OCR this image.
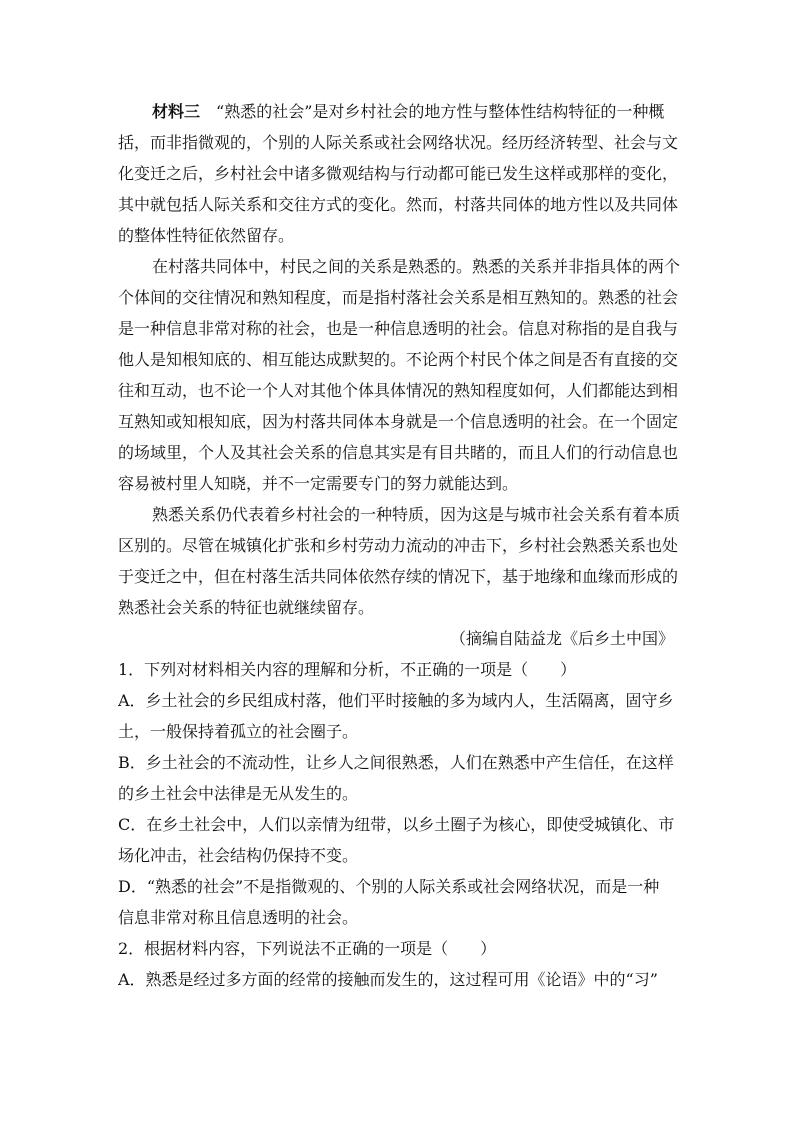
材料三 “熟悉的社会”是对乡村社会的地方性与整体性结构特征的一种概
括，而非指微观的，个别的人际关系或社会网络状况。经历经济转型、社会与文
化变迁之后，乡村社会中诸多微观结构与行动都可能已发生这样或那样的变化，
其中就包括人际关系和交往方式的变化。然而，村落共同体的地方性以及共同体
的整体性特征依然留存。
在村落共同体中，村民之间的关系是熟悉的。熟悉的关系并非指具体的两个
个体间的交往情况和熟知程度，而是指村落社会关系是相互熟知的。熟悉的社会
是一种信息非常对称的社会，也是一种信息透明的社会。信息对称指的是自我与
他人是知根知底的、相互能达成默契的。不论两个村民个体之间是否有直接的交
往和互动，也不论一个人对其他个体具体情况的熟知程度如何，人们都能达到相
互熟知或知根知底，因为村落共同体本身就是一个信息透明的社会。在一个固定
的场域里，个人及其社会关系的信息其实是有目共睹的，而且人们的行动信息也
容易被村里人知晓，并不一定需要专门的努力就能达到。
熟悉关系仍代表着乡村社会的一种特质，因为这是与城市社会关系有着本质
区别的。尽管在城镇化扩张和乡村劳动力流动的冲击下，乡村社会熟悉关系也处
于变迁之中，但在村落生活共同体依然存续的情况下，基于地缘和血缘而形成的
熟悉社会关系的特征也就继续留存。
（摘编自陆益龙《后乡土中国》
1．下列对材料相关内容的理解和分析，不正确的一项是（　　）
A．乡土社会的乡民组成村落，他们平时接触的多为域内人，生活隔离，固守乡
土，一般保持着孤立的社会圈子。
B．乡土社会的不流动性，让乡人之间很熟悉，人们在熟悉中产生信任，在这样
的乡土社会中法律是无从发生的。
C．在乡土社会中，人们以亲情为纽带，以乡土圈子为核心，即使受城镇化、市
场化冲击，社会结构仍保持不变。
D．“熟悉的社会”不是指微观的、个别的人际关系或社会网络状况，而是一种
信息非常对称且信息透明的社会。
2．根据材料内容，下列说法不正确的一项是（　　）
A．熟悉是经过多方面的经常的接触而发生的，这过程可用《论语》中的“习”
